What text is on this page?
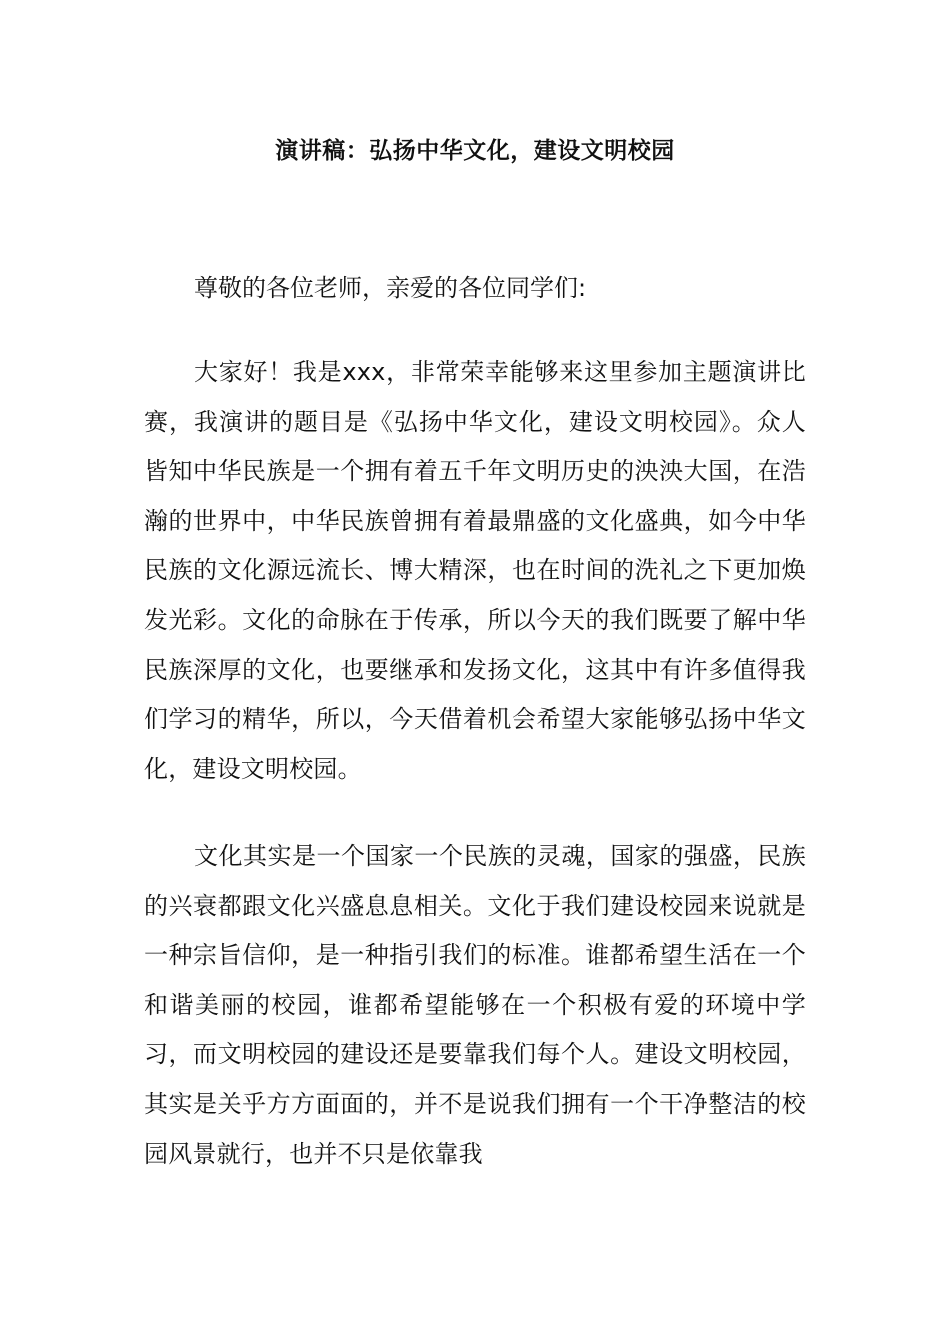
演讲稿：弘扬中华文化，建设文明校园

尊敬的各位老师，亲爱的各位同学们:

大家好！我是xxx，非常荣幸能够来这里参加主题演讲比赛，我演讲的题目是《弘扬中华文化，建设文明校园》。众人皆知中华民族是一个拥有着五千年文明历史的泱泱大国，在浩瀚的世界中，中华民族曾拥有着最鼎盛的文化盛典，如今中华民族的文化源远流长、博大精深，也在时间的洗礼之下更加焕发光彩。文化的命脉在于传承，所以今天的我们既要了解中华民族深厚的文化，也要继承和发扬文化，这其中有许多值得我们学习的精华，所以，今天借着机会希望大家能够弘扬中华文化，建设文明校园。

文化其实是一个国家一个民族的灵魂，国家的强盛，民族的兴衰都跟文化兴盛息息相关。文化于我们建设校园来说就是一种宗旨信仰，是一种指引我们的标准。谁都希望生活在一个和谐美丽的校园，谁都希望能够在一个积极有爱的环境中学习，而文明校园的建设还是要靠我们每个人。建设文明校园，其实是关乎方方面面的，并不是说我们拥有一个干净整洁的校园风景就行，也并不只是依靠我
